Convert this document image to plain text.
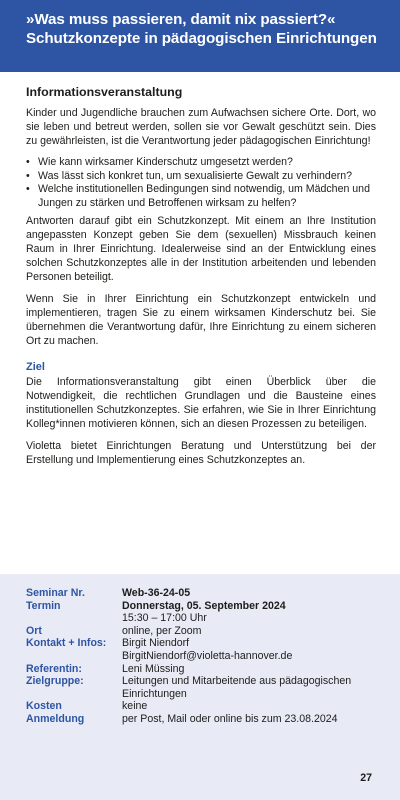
»Was muss passieren, damit nix passiert?«
Schutzkonzepte in pädagogischen Einrichtungen
Informationsveranstaltung

Kinder und Jugendliche brauchen zum Aufwachsen sichere Orte. Dort, wo sie leben und betreut werden, sollen sie vor Gewalt geschützt sein. Dies zu gewährleisten, ist die Verantwortung jeder pädagogischen Einrichtung!

• Wie kann wirksamer Kinderschutz umgesetzt werden?
• Was lässt sich konkret tun, um sexualisierte Gewalt zu verhindern?
• Welche institutionellen Bedingungen sind notwendig, um Mädchen und Jungen zu stärken und Betroffenen wirksam zu helfen?

Antworten darauf gibt ein Schutzkonzept. Mit einem an Ihre Institution angepassten Konzept geben Sie dem (sexuellen) Missbrauch keinen Raum in Ihrer Einrichtung. Idealerweise sind an der Entwicklung eines solchen Schutzkonzeptes alle in der Institution arbeitenden und lebenden Personen beteiligt.

Wenn Sie in Ihrer Einrichtung ein Schutzkonzept entwickeln und implementieren, tragen Sie zu einem wirksamen Kinderschutz bei. Sie übernehmen die Verantwortung dafür, Ihre Einrichtung zu einem sicheren Ort zu machen.

Ziel

Die Informationsveranstaltung gibt einen Überblick über die Notwendigkeit, die rechtlichen Grundlagen und die Bausteine eines institutionellen Schutzkonzeptes. Sie erfahren, wie Sie in Ihrer Einrichtung Kolleg*innen motivieren können, sich an diesen Prozessen zu beteiligen.

Violetta bietet Einrichtungen Beratung und Unterstützung bei der Erstellung und Implementierung eines Schutzkonzeptes an.

Seminar Nr.	Web-36-24-05
Termin	Donnerstag, 05. September 2024
15:30 – 17:00 Uhr

Ort	online, per Zoom
Kontakt + Infos:	Birgit Niendorf
BirgitNiendorf@violetta-hannover.de

Referentin:	Leni Müssing
Zielgruppe:	Leitungen und Mitarbeitende aus pädagogischen Einrichtungen
Kosten	keine
Anmeldung	per Post, Mail oder online bis zum 23.08.2024
27
